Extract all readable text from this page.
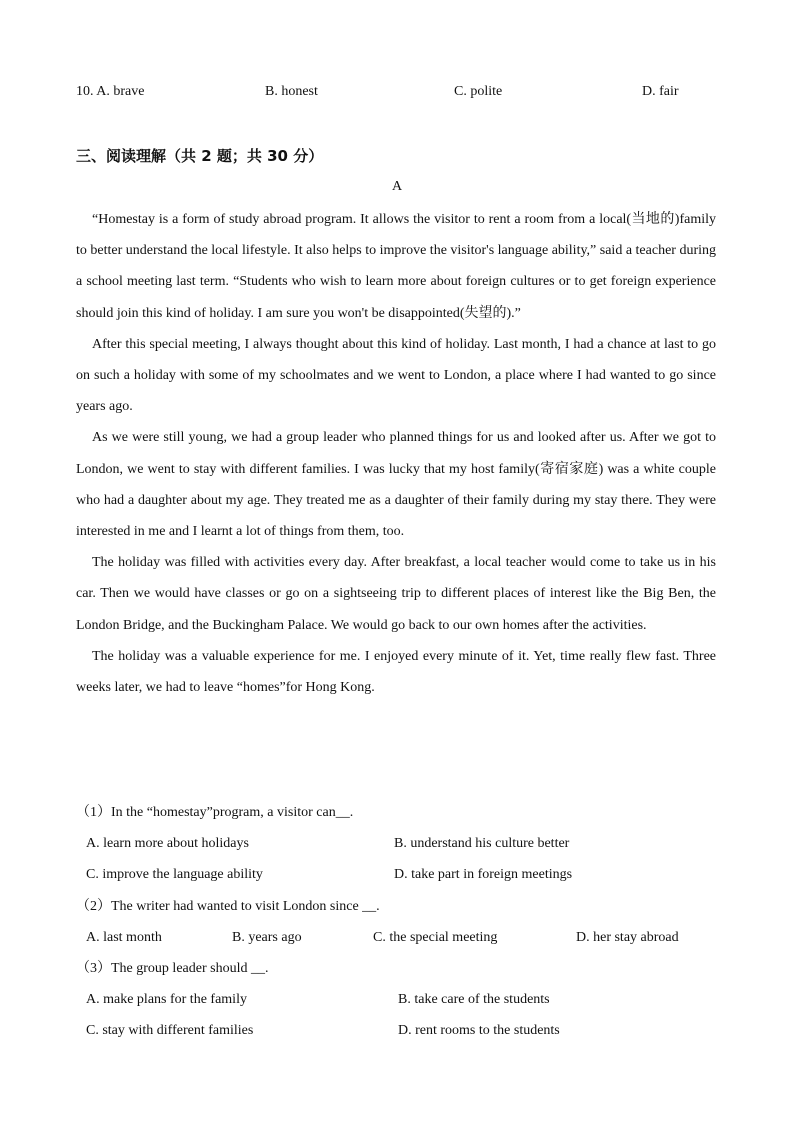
10. A. brave	B. honest	C. polite	D. fair
三、阅读理解（共 2 题；共 30 分）
A

“Homestay is a form of study abroad program. It allows the visitor to rent a room from a local(当地的)family to better understand the local lifestyle. It also helps to improve the visitor's language ability,” said a teacher during a school meeting last term. “Students who wish to learn more about foreign cultures or to get foreign experience should join this kind of holiday. I am sure you won't be disappointed(失望的).”

After this special meeting, I always thought about this kind of holiday. Last month, I had a chance at last to go on such a holiday with some of my schoolmates and we went to London, a place where I had wanted to go since years ago.

As we were still young, we had a group leader who planned things for us and looked after us. After we got to London, we went to stay with different families. I was lucky that my host family(寄宿家庭) was a white couple who had a daughter about my age. They treated me as a daughter of their family during my stay there. They were interested in me and I learnt a lot of things from them, too.

The holiday was filled with activities every day. After breakfast, a local teacher would come to take us in his car. Then we would have classes or go on a sightseeing trip to different places of interest like the Big Ben, the London Bridge, and the Buckingham Palace. We would go back to our own homes after the activities.

The holiday was a valuable experience for me. I enjoyed every minute of it. Yet, time really flew fast. Three weeks later, we had to leave “homes”for Hong Kong.

（1）In the “homestay”program, a visitor can__.
A. learn more about holidays	B. understand his culture better
C. improve the language ability	D. take part in foreign meetings
（2）The writer had wanted to visit London since __.
A. last month	B. years ago	C. the special meeting	D. her stay abroad
（3）The group leader should __.
A. make plans for the family	B. take care of the students
C. stay with different families	D. rent rooms to the students
